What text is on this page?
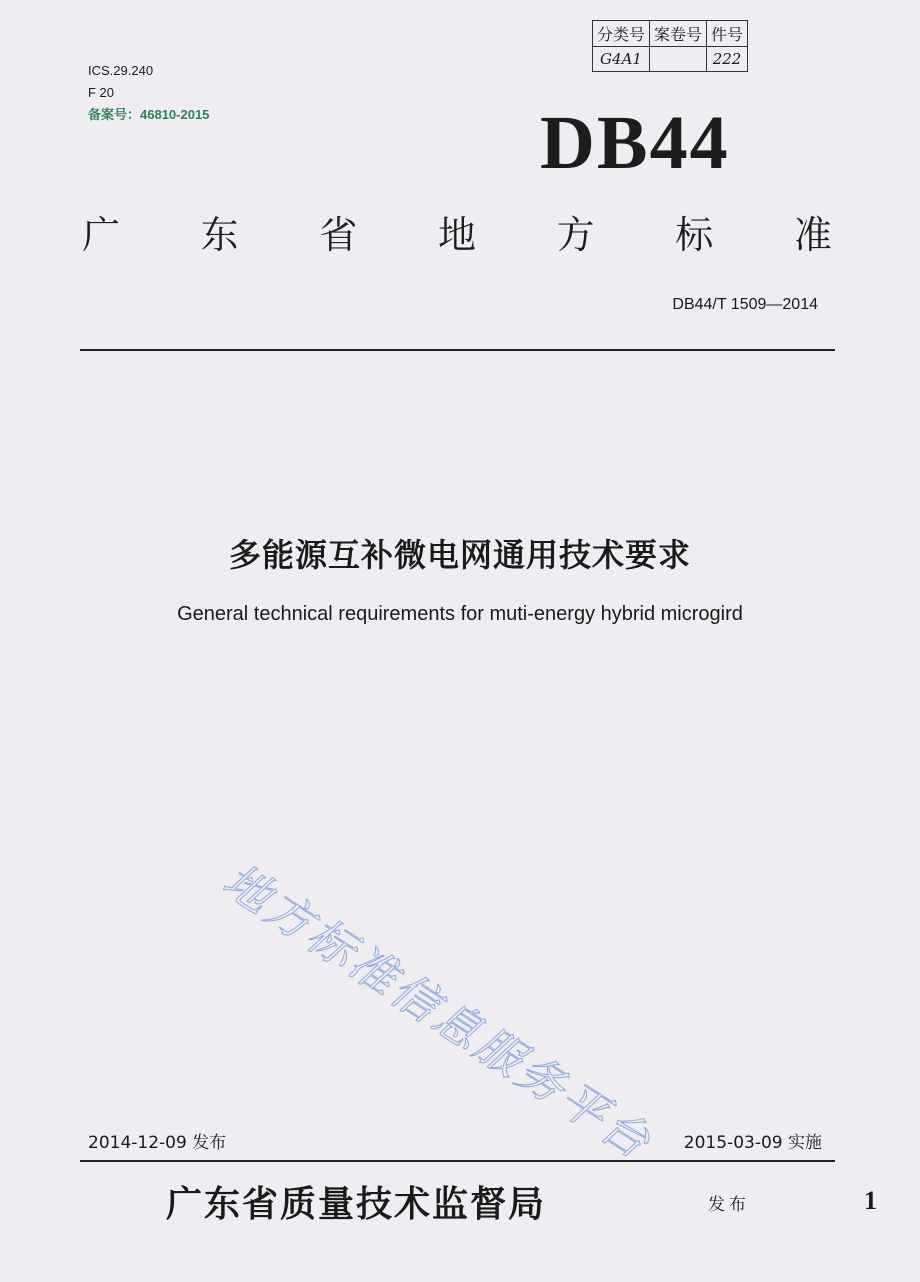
ICS.29.240
F 20
备案号：46810-2015
分类号	案卷号	件号
G4A1		222
DB44
广 东 省 地 方 标 准
DB44/T 1509—2014
多能源互补微电网通用技术要求
General technical requirements for muti-energy hybrid microgird
地方标准信息服务平台
2014-12-09 发布	2015-03-09 实施
广东省质量技术监督局	发布	1
